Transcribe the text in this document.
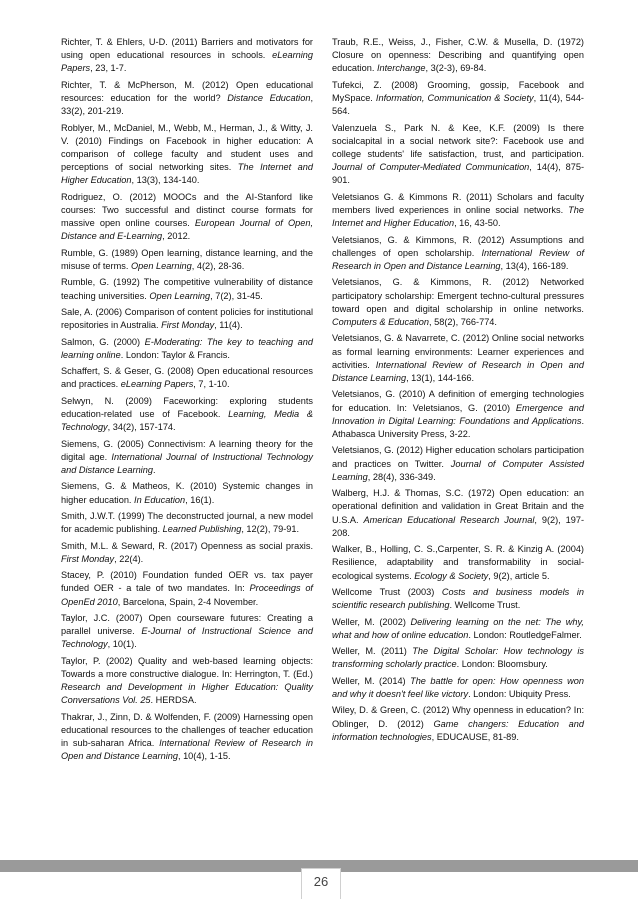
Richter, T. & Ehlers, U-D. (2011) Barriers and motivators for using open educational resources in schools. eLearning Papers, 23, 1-7.

Richter, T. & McPherson, M. (2012) Open educational resources: education for the world? Distance Education, 33(2), 201-219.

Roblyer, M., McDaniel, M., Webb, M., Herman, J., & Witty, J. V. (2010) Findings on Facebook in higher education: A comparison of college faculty and student uses and perceptions of social networking sites. The Internet and Higher Education, 13(3), 134-140.

Rodriguez, O. (2012) MOOCs and the AI-Stanford like courses: Two successful and distinct course formats for massive open online courses. European Journal of Open, Distance and E-Learning, 2012.

Rumble, G. (1989) Open learning, distance learning, and the misuse of terms. Open Learning, 4(2), 28-36.

Rumble, G. (1992) The competitive vulnerability of distance teaching universities. Open Learning, 7(2), 31-45.

Sale, A. (2006) Comparison of content policies for institutional repositories in Australia. First Monday, 11(4).

Salmon, G. (2000) E-Moderating: The key to teaching and learning online. London: Taylor & Francis.

Schaffert, S. & Geser, G. (2008) Open educational resources and practices. eLearning Papers, 7, 1-10.

Selwyn, N. (2009) Faceworking: exploring students education-related use of Facebook. Learning, Media & Technology, 34(2), 157-174.

Siemens, G. (2005) Connectivism: A learning theory for the digital age. International Journal of Instructional Technology and Distance Learning.

Siemens, G. & Matheos, K. (2010) Systemic changes in higher education. In Education, 16(1).

Smith, J.W.T. (1999) The deconstructed journal, a new model for academic publishing. Learned Publishing, 12(2), 79-91.

Smith, M.L. & Seward, R. (2017) Openness as social praxis. First Monday, 22(4).

Stacey, P. (2010) Foundation funded OER vs. tax payer funded OER - a tale of two mandates. In: Proceedings of OpenEd 2010, Barcelona, Spain, 2-4 November.

Taylor, J.C. (2007) Open courseware futures: Creating a parallel universe. E-Journal of Instructional Science and Technology, 10(1).

Taylor, P. (2002) Quality and web-based learning objects: Towards a more constructive dialogue. In: Herrington, T. (Ed.) Research and Development in Higher Education: Quality Conversations Vol. 25. HERDSA.

Thakrar, J., Zinn, D. & Wolfenden, F. (2009) Harnessing open educational resources to the challenges of teacher education in sub-saharan Africa. International Review of Research in Open and Distance Learning, 10(4), 1-15.

Traub, R.E., Weiss, J., Fisher, C.W. & Musella, D. (1972) Closure on openness: Describing and quantifying open education. Interchange, 3(2-3), 69-84.

Tufekci, Z. (2008) Grooming, gossip, Facebook and MySpace. Information, Communication & Society, 11(4), 544-564.

Valenzuela S., Park N. & Kee, K.F. (2009) Is there socialcapital in a social network site?: Facebook use and college students' life satisfaction, trust, and participation. Journal of Computer-Mediated Communication, 14(4), 875-901.

Veletsianos G. & Kimmons R. (2011) Scholars and faculty members lived experiences in online social networks. The Internet and Higher Education, 16, 43-50.

Veletsianos, G. & Kimmons, R. (2012) Assumptions and challenges of open scholarship. International Review of Research in Open and Distance Learning, 13(4), 166-189.

Veletsianos, G. & Kimmons, R. (2012) Networked participatory scholarship: Emergent techno-cultural pressures toward open and digital scholarship in online networks. Computers & Education, 58(2), 766-774.

Veletsianos, G. & Navarrete, C. (2012) Online social networks as formal learning environments: Learner experiences and activities. International Review of Research in Open and Distance Learning, 13(1), 144-166.

Veletsianos, G. (2010) A definition of emerging technologies for education. In: Veletsianos, G. (2010) Emergence and Innovation in Digital Learning: Foundations and Applications. Athabasca University Press, 3-22.

Veletsianos, G. (2012) Higher education scholars participation and practices on Twitter. Journal of Computer Assisted Learning, 28(4), 336-349.

Walberg, H.J. & Thomas, S.C. (1972) Open education: an operational definition and validation in Great Britain and the U.S.A. American Educational Research Journal, 9(2), 197-208.

Walker, B., Holling, C. S.,Carpenter, S. R. & Kinzig A. (2004) Resilience, adaptability and transformability in social-ecological systems. Ecology & Society, 9(2), article 5.

Wellcome Trust (2003) Costs and business models in scientific research publishing. Wellcome Trust.

Weller, M. (2002) Delivering learning on the net: The why, what and how of online education. London: RoutledgeFalmer.

Weller, M. (2011) The Digital Scholar: How technology is transforming scholarly practice. London: Bloomsbury.

Weller, M. (2014) The battle for open: How openness won and why it doesn't feel like victory. London: Ubiquity Press.

Wiley, D. & Green, C. (2012) Why openness in education? In: Oblinger, D. (2012) Game changers: Education and information technologies, EDUCAUSE, 81-89.

26
